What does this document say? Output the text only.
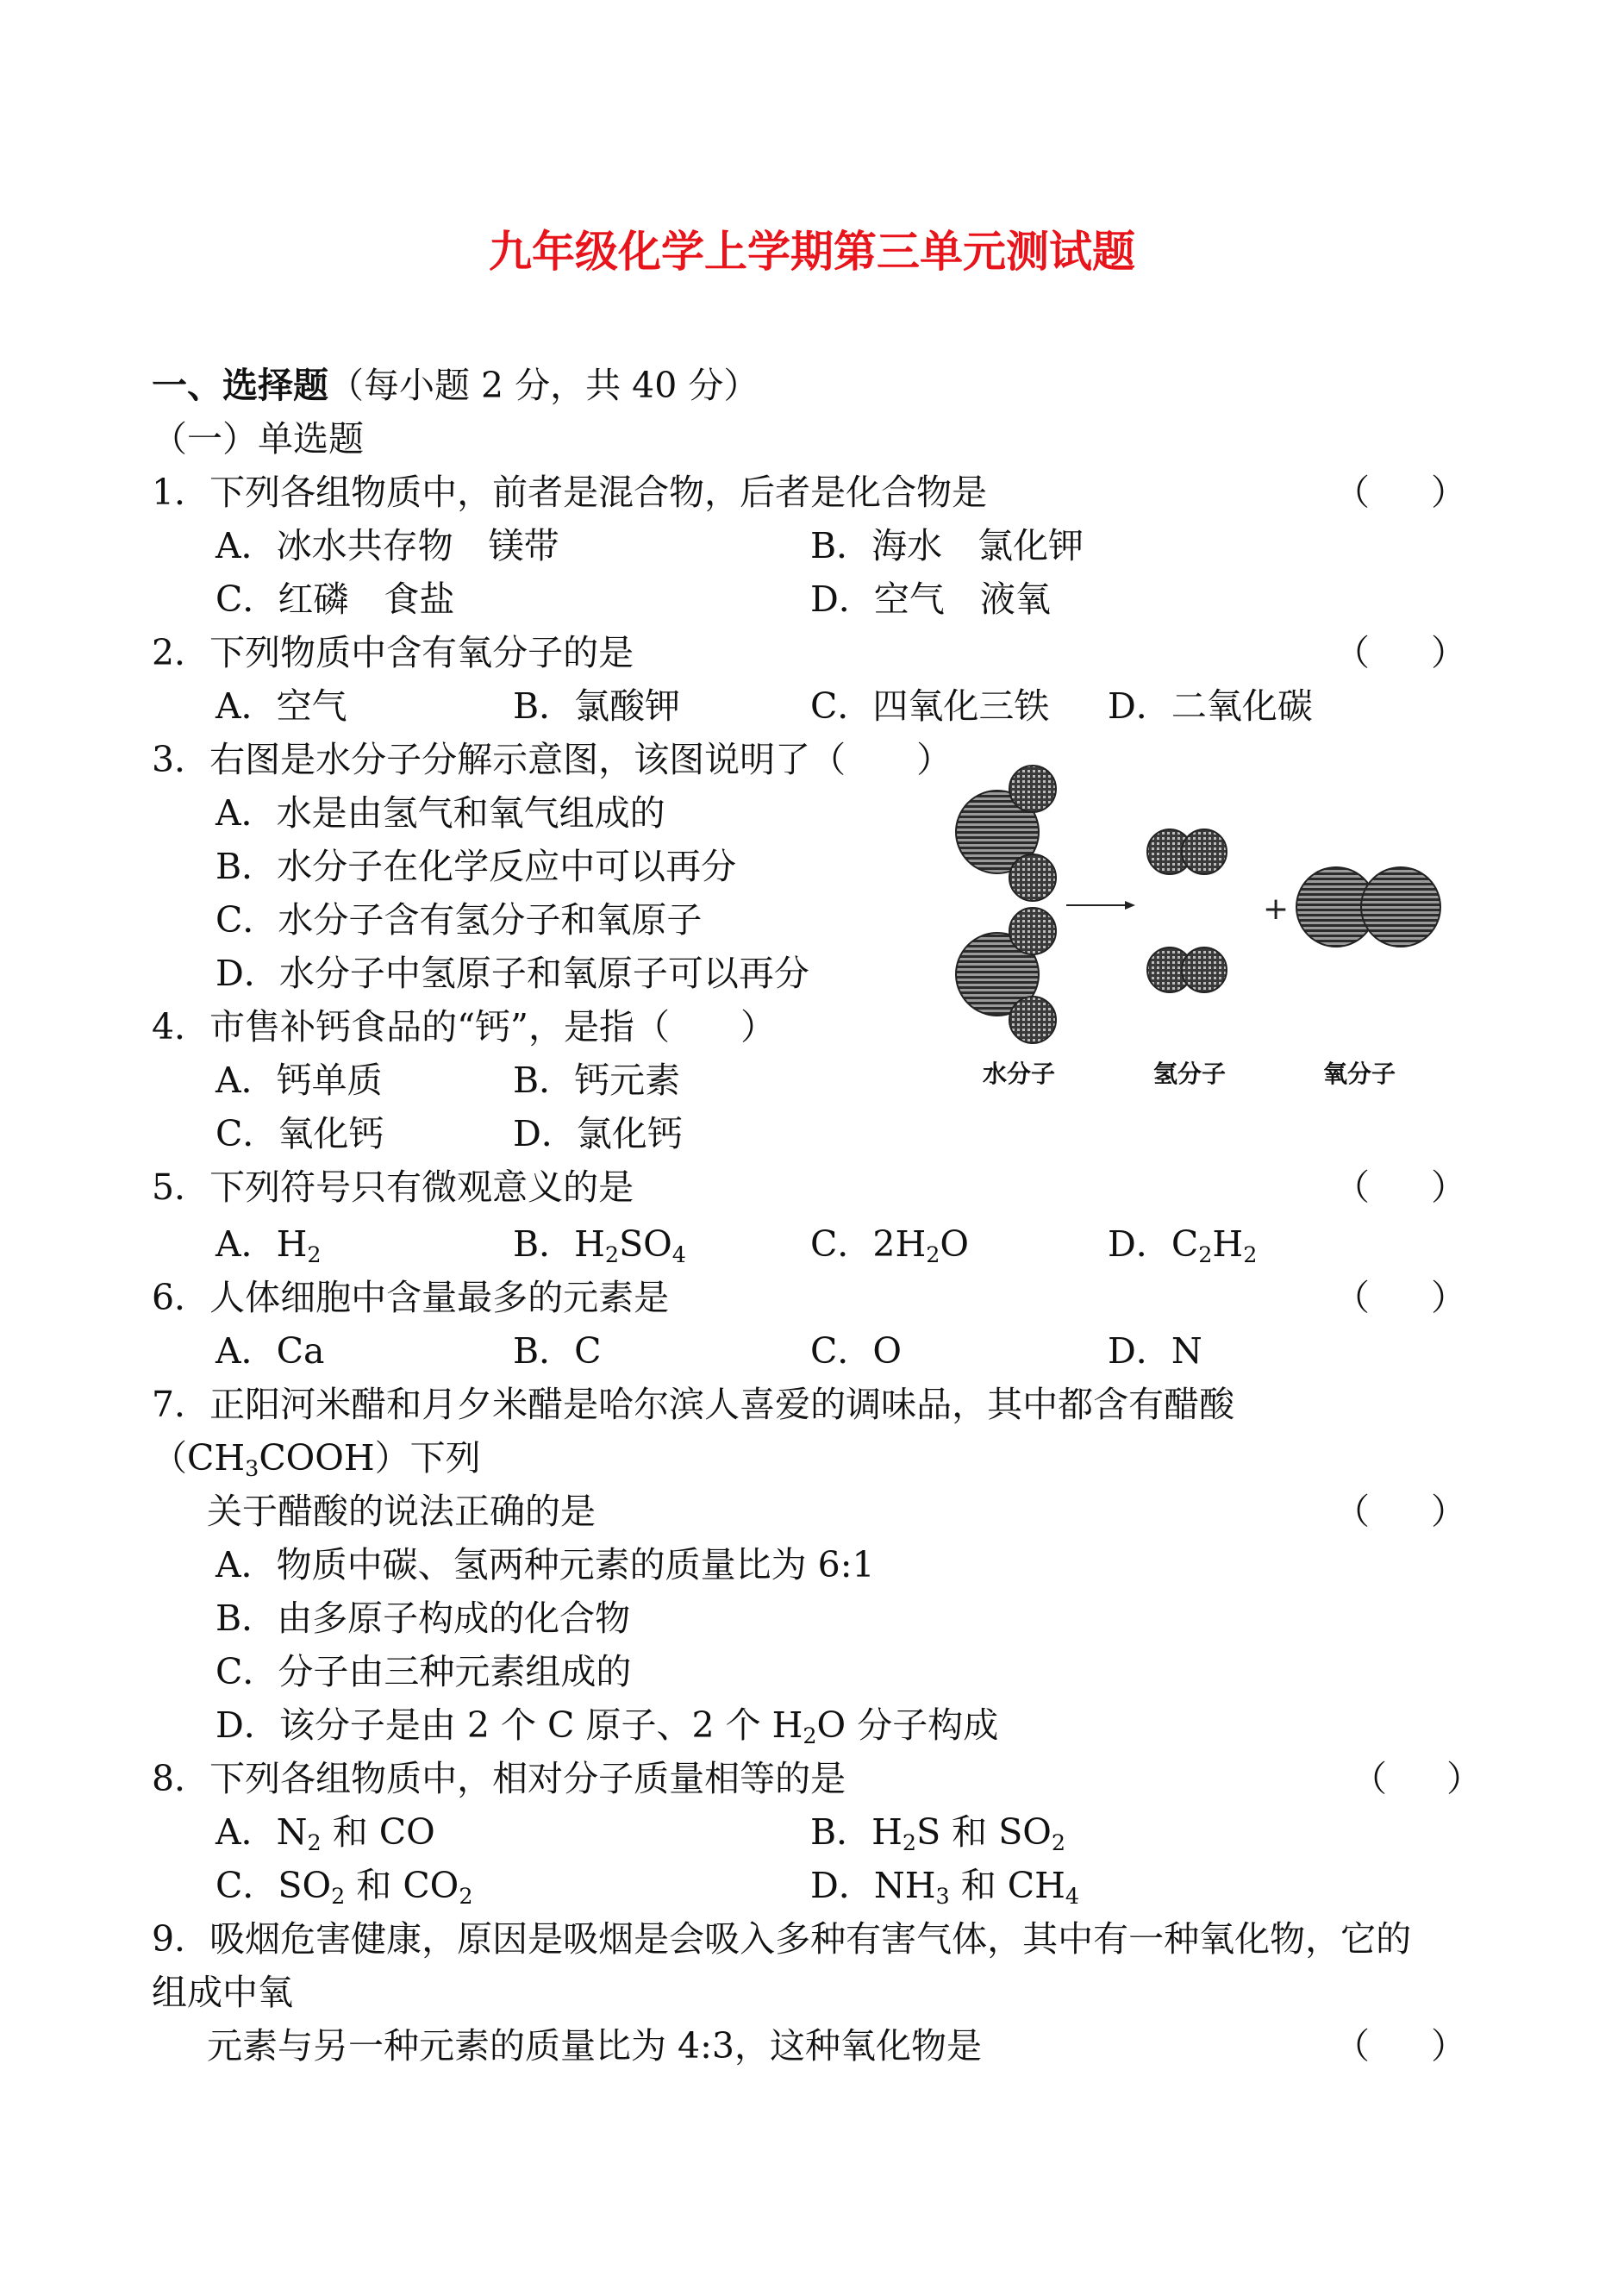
九年级化学上学期第三单元测试题
一、选择题（每小题 2 分，共 40 分）
（一）单选题
1．下列各组物质中，前者是混合物，后者是化合物是	（ ）
A．冰水共存物　镁带	B．海水　氯化钾
C．红磷　食盐	D．空气　液氧
2．下列物质中含有氧分子的是	（ ）
A．空气	B．氯酸钾	C．四氧化三铁 D．二氧化碳
3．右图是水分子分解示意图，该图说明了（　　）
A．水是由氢气和氧气组成的
B．水分子在化学反应中可以再分
C．水分子含有氢分子和氧原子
D．水分子中氢原子和氧原子可以再分
+
水分子	氢分子	氧分子
4．市售补钙食品的“钙”，是指（　　）
A．钙单质	B．钙元素
C．氧化钙	D．氯化钙
5．下列符号只有微观意义的是	（ ）
A．$H_2$	B．$H_2SO_4$	C．$2H_2O$	D．$C_2H_2$
6．人体细胞中含量最多的元素是	（ ）
A．Ca	B．C	C．O	D．N
7．正阳河米醋和月夕米醋是哈尔滨人喜爱的调味品，其中都含有醋酸
$(CH_3COOH)$下列
关于醋酸的说法正确的是	（ ）
A．物质中碳、氢两种元素的质量比为 6:1
B．由多原子构成的化合物
C．分子由三种元素组成的
D．该分子是由 2 个 C 原子、2 个 $H_2O$ 分子构成
8．下列各组物质中，相对分子质量相等的是	（ ）
A．$N_2$ 和 CO	B．$H_2S$ 和 $SO_2$
C．$SO_2$ 和 $CO_2$	D．$NH_3$ 和 $CH_4$
9．吸烟危害健康，原因是吸烟是会吸入多种有害气体，其中有一种氧化物，它的
组成中氧
元素与另一种元素的质量比为 4:3，这种氧化物是	（ ）
